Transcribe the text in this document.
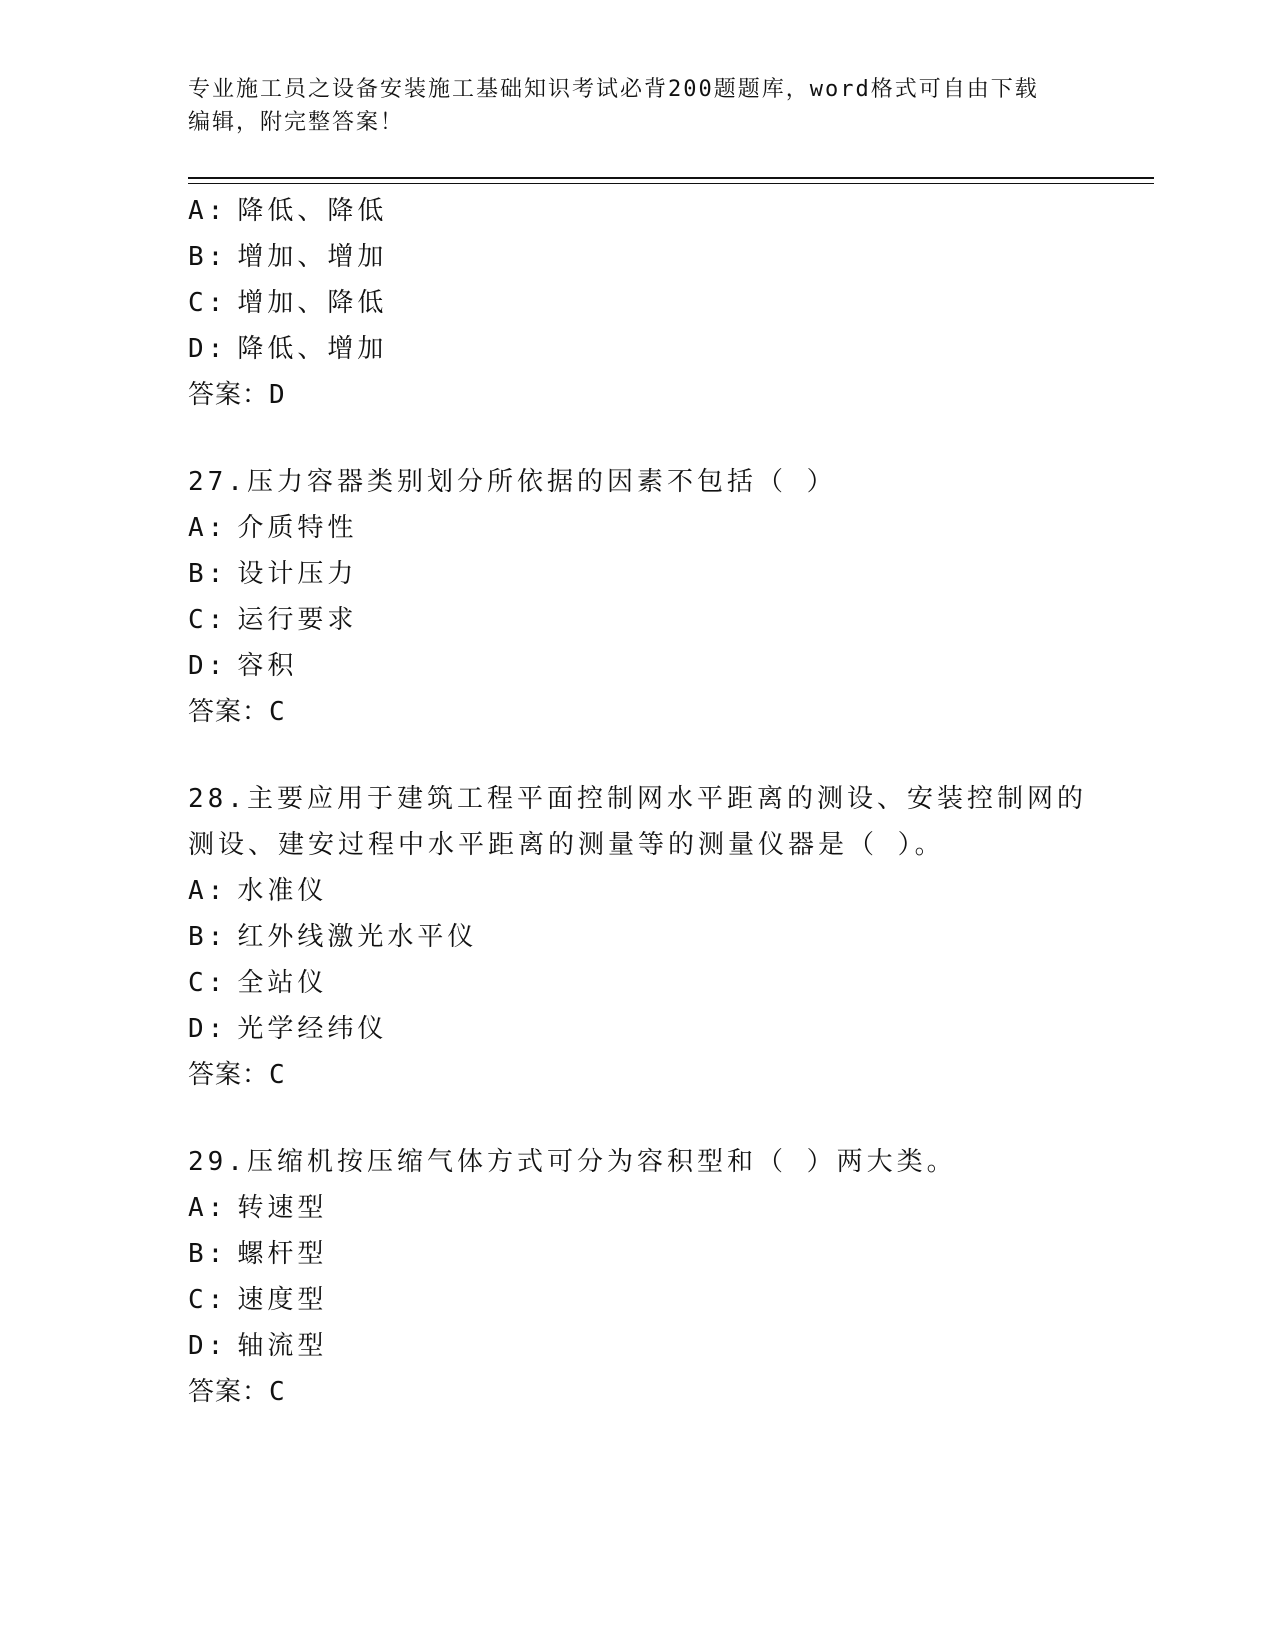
专业施工员之设备安装施工基础知识考试必背200题题库，word格式可自由下载
编辑，附完整答案！
A : 降低、降低
B : 增加、增加
C : 增加、降低
D : 降低、增加
答案：D
27.压力容器类别划分所依据的因素不包括（ ）
A : 介质特性
B : 设计压力
C : 运行要求
D : 容积
答案：C
28.主要应用于建筑工程平面控制网水平距离的测设、安装控制网的测设、建安过程中水平距离的测量等的测量仪器是（ ）。
A : 水准仪
B : 红外线激光水平仪
C : 全站仪
D : 光学经纬仪
答案：C
29.压缩机按压缩气体方式可分为容积型和（ ）两大类。
A : 转速型
B : 螺杆型
C : 速度型
D : 轴流型
答案：C
